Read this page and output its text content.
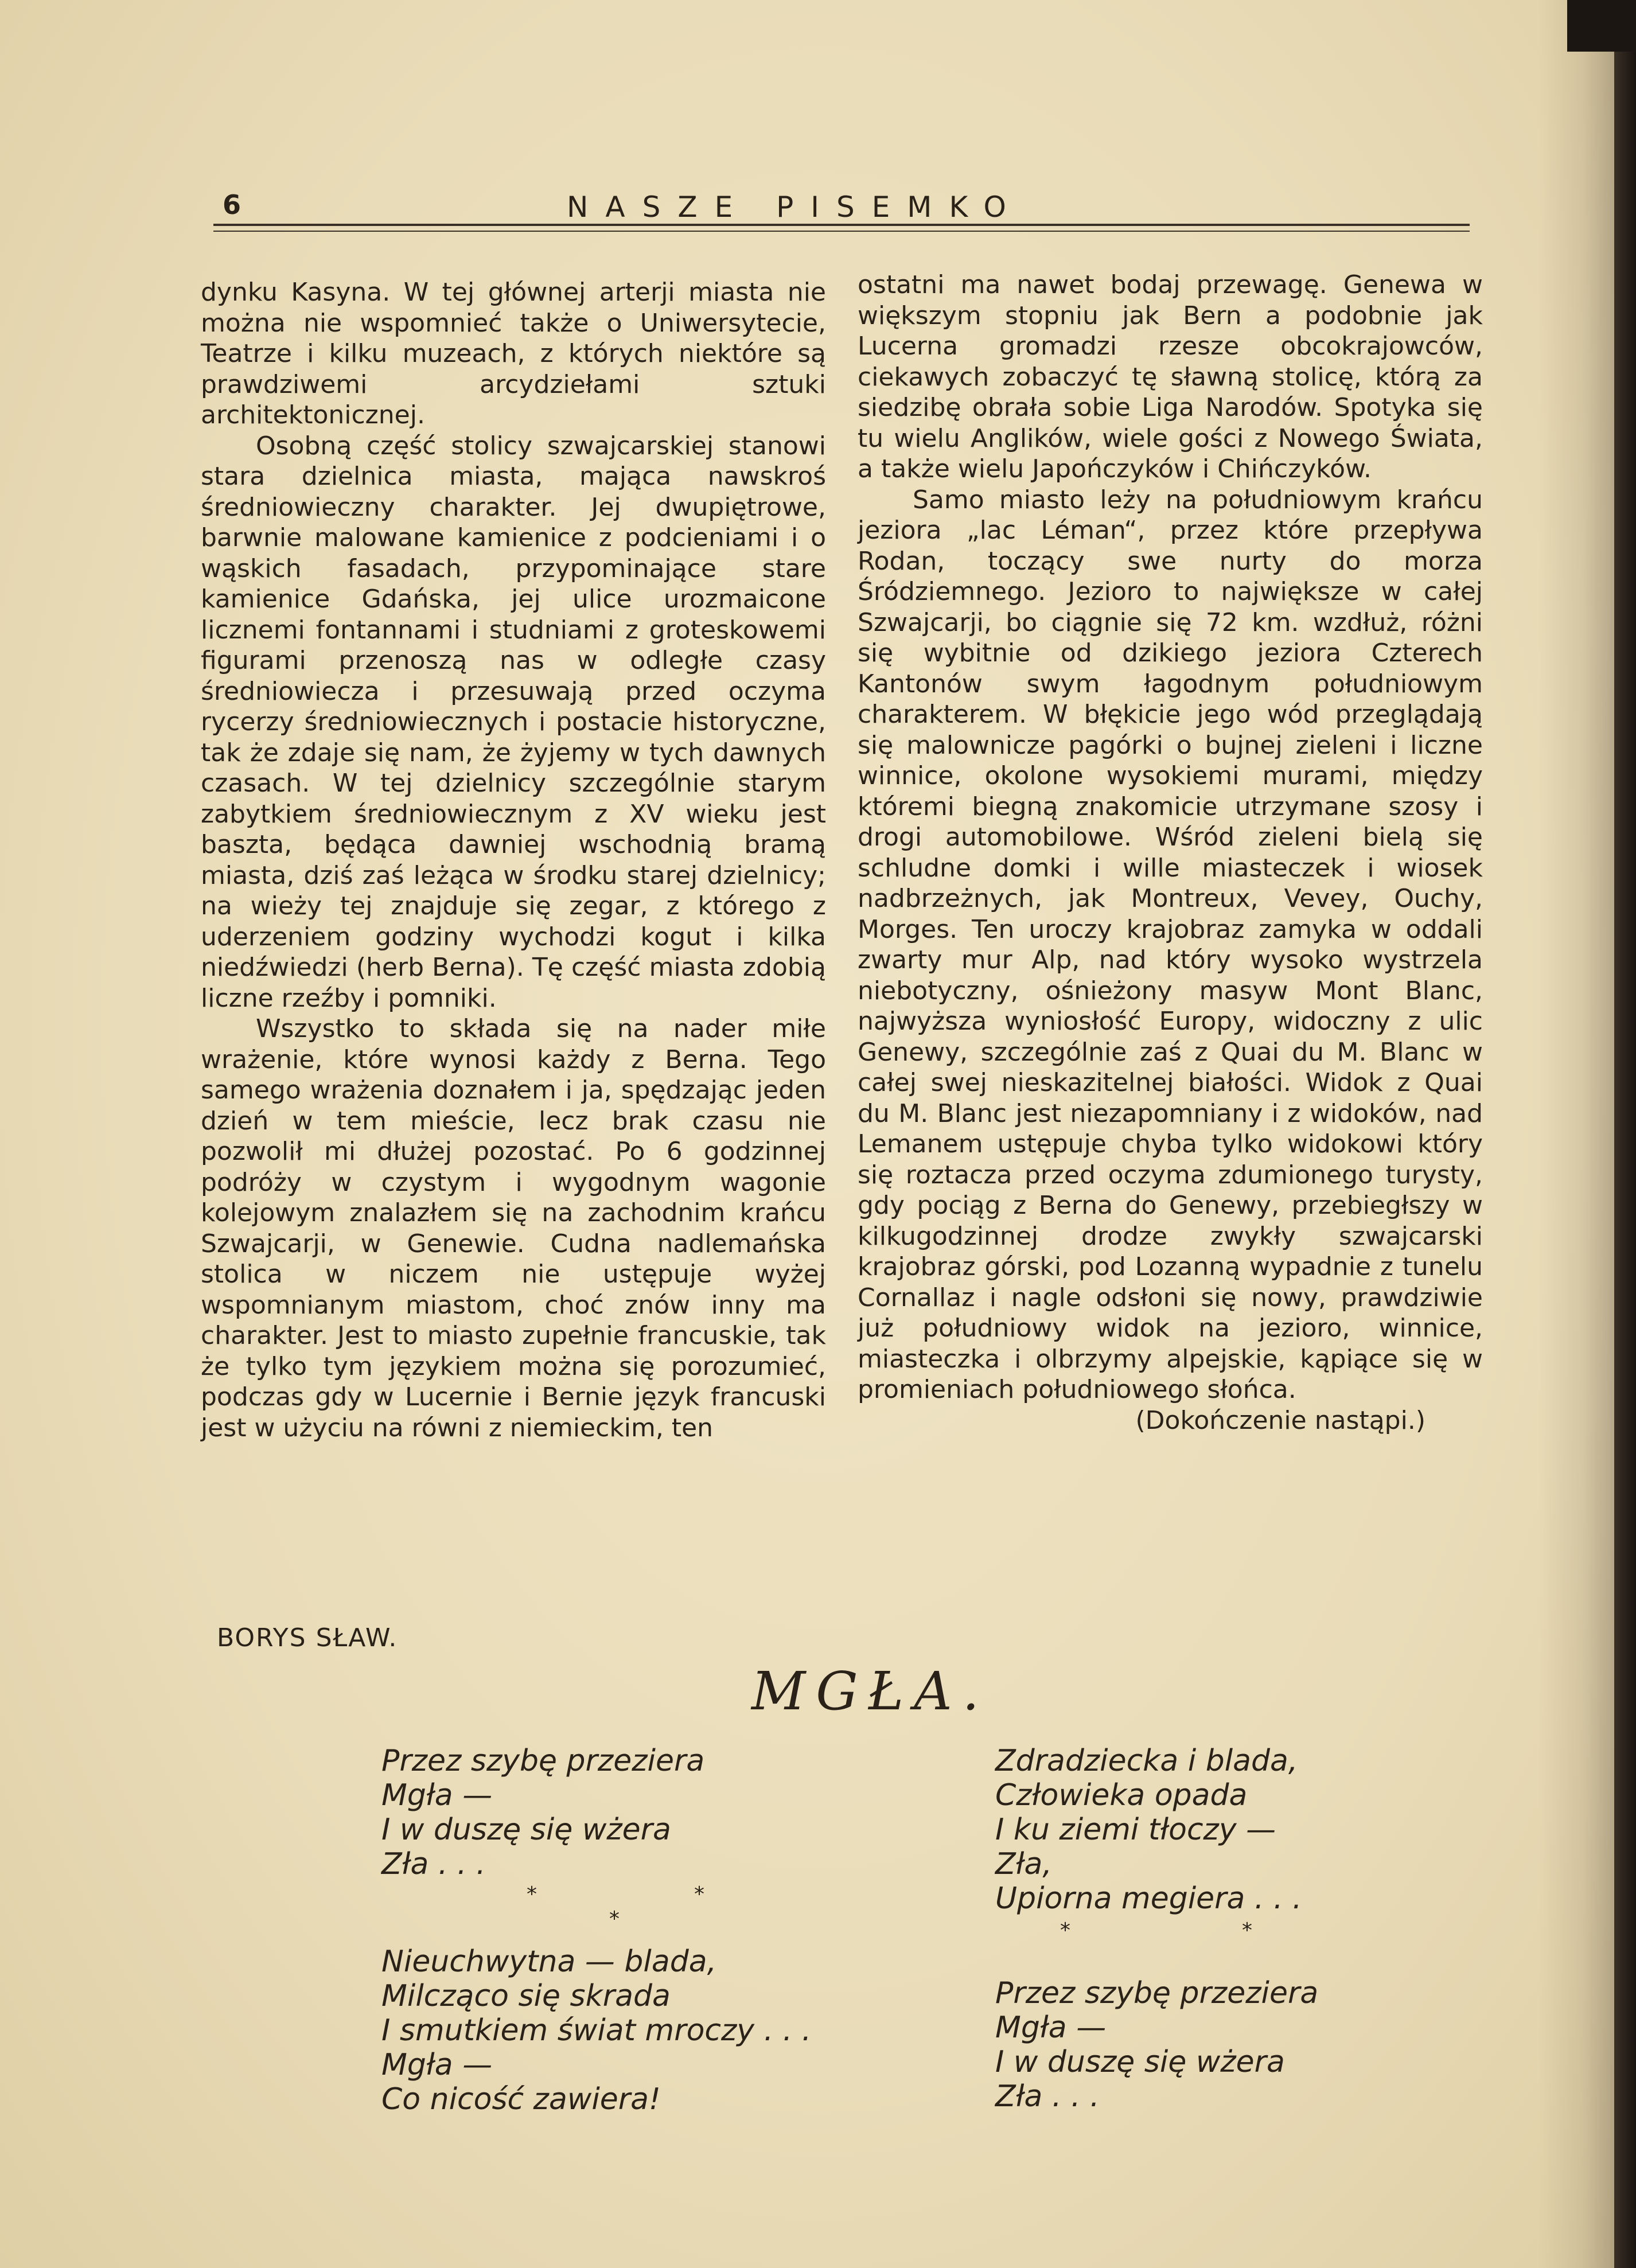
6	NASZE PISEMKO

dynku Kasyna. W tej głównej arterji miasta nie można nie wspomnieć także o Uniwersytecie, Teatrze i kilku muzeach, z których niektóre są prawdziwemi arcydziełami sztuki architektonicznej.

Osobną część stolicy szwajcarskiej stanowi stara dzielnica miasta, mająca nawskroś średniowieczny charakter. Jej dwupiętrowe, barwnie malowane kamienice z podcieniami i o wąskich fasadach, przypominające stare kamienice Gdańska, jej ulice urozmaicone licznemi fontannami i studniami z groteskowemi figurami przenoszą nas w odległe czasy średniowiecza i przesuwają przed oczyma rycerzy średniowiecznych i postacie historyczne, tak że zdaje się nam, że żyjemy w tych dawnych czasach. W tej dzielnicy szczególnie starym zabytkiem średniowiecznym z XV wieku jest baszta, będąca dawniej wschodnią bramą miasta, dziś zaś leżąca w środku starej dzielnicy; na wieży tej znajduje się zegar, z którego z uderzeniem godziny wychodzi kogut i kilka niedźwiedzi (herb Berna). Tę część miasta zdobią liczne rzeźby i pomniki.

Wszystko to składa się na nader miłe wrażenie, które wynosi każdy z Berna. Tego samego wrażenia doznałem i ja, spędzając jeden dzień w tem mieście, lecz brak czasu nie pozwolił mi dłużej pozostać. Po 6 godzinnej podróży w czystym i wygodnym wagonie kolejowym znalazłem się na zachodnim krańcu Szwajcarji, w Genewie. Cudna nadlemańska stolica w niczem nie ustępuje wyżej wspomnianym miastom, choć znów inny ma charakter. Jest to miasto zupełnie francuskie, tak że tylko tym językiem można się porozumieć, podczas gdy w Lucernie i Bernie język francuski jest w użyciu na równi z niemieckim, ten

ostatni ma nawet bodaj przewagę. Genewa w większym stopniu jak Bern a podobnie jak Lucerna gromadzi rzesze obcokrajowców, ciekawych zobaczyć tę sławną stolicę, którą za siedzibę obrała sobie Liga Narodów. Spotyka się tu wielu Anglików, wiele gości z Nowego Świata, a także wielu Japończyków i Chińczyków.

Samo miasto leży na południowym krańcu jeziora „lac Léman“, przez które przepływa Rodan, toczący swe nurty do morza Śródziemnego. Jezioro to największe w całej Szwajcarji, bo ciągnie się 72 km. wzdłuż, różni się wybitnie od dzikiego jeziora Czterech Kantonów swym łagodnym południowym charakterem. W błękicie jego wód przeglądają się malownicze pagórki o bujnej zieleni i liczne winnice, okolone wysokiemi murami, między któremi biegną znakomicie utrzymane szosy i drogi automobilowe. Wśród zieleni bielą się schludne domki i wille miasteczek i wiosek nadbrzeżnych, jak Montreux, Vevey, Ouchy, Morges. Ten uroczy krajobraz zamyka w oddali zwarty mur Alp, nad który wysoko wystrzela niebotyczny, ośnieżony masyw Mont Blanc, najwyższa wyniosłość Europy, widoczny z ulic Genewy, szczególnie zaś z Quai du M. Blanc w całej swej nieskazitelnej białości. Widok z Quai du M. Blanc jest niezapomniany i z widoków, nad Lemanem ustępuje chyba tylko widokowi który się roztacza przed oczyma zdumionego turysty, gdy pociąg z Berna do Genewy, przebiegłszy w kilkugodzinnej drodze zwykły szwajcarski krajobraz górski, pod Lozanną wypadnie z tunelu Cornallaz i nagle odsłoni się nowy, prawdziwie już południowy widok na jezioro, winnice, miasteczka i olbrzymy alpejskie, kąpiące się w promieniach południowego słońca.

(Dokończenie nastąpi.)

BORYS SŁAW.
MGŁA.
Przez szybę przeziera
Mgła —
I w duszę się wżera
Zła . . .
*	*
*
Nieuchwytna — blada,
Milcząco się skrada
I smutkiem świat mroczy . . .
Mgła —
Co nicość zawiera!
Zdradziecka i blada,
Człowieka opada
I ku ziemi tłoczy —
Zła,
Upiorna megiera . . .
*	*
Przez szybę przeziera
Mgła —
I w duszę się wżera
Zła . . .
